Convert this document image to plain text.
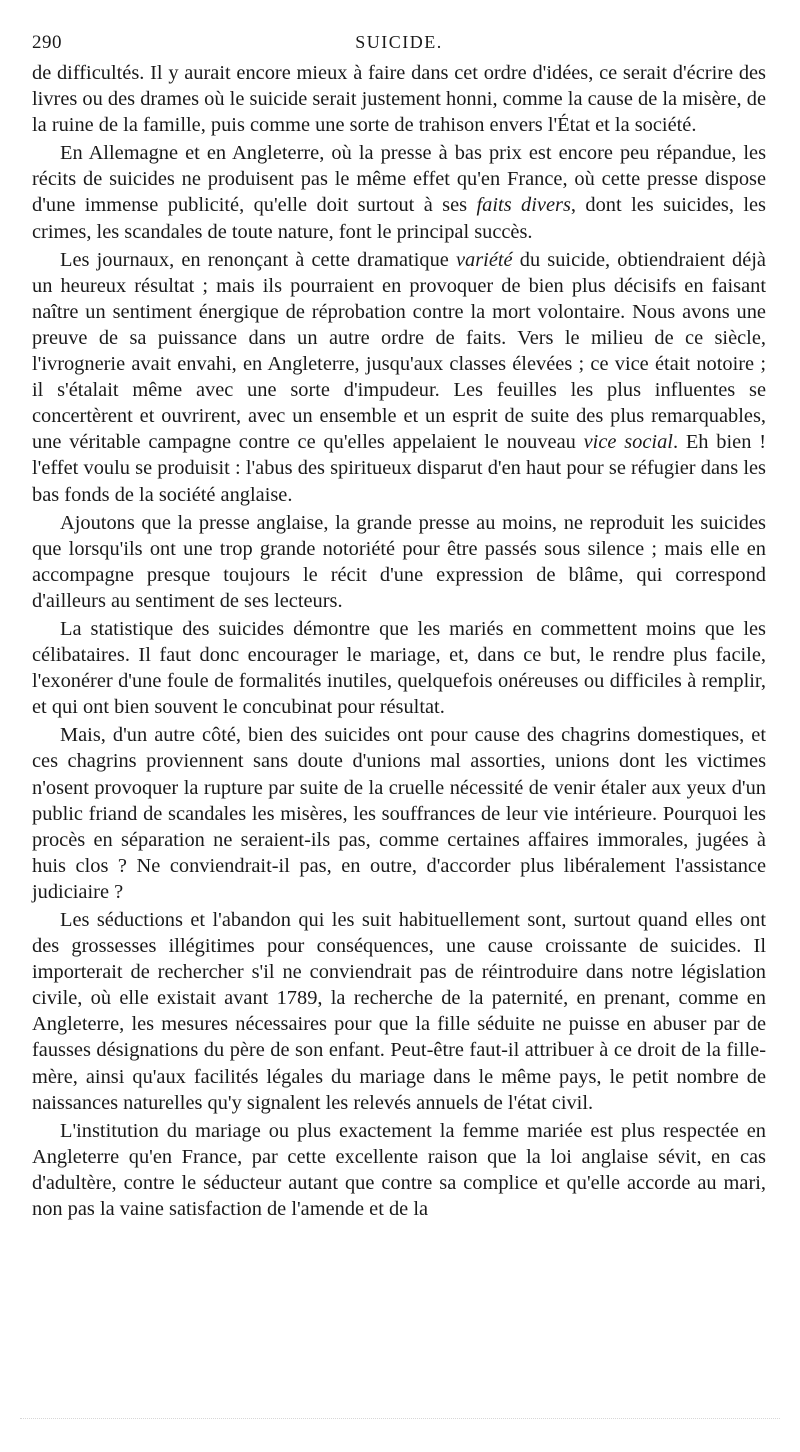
290	SUICIDE.

de difficultés. Il y aurait encore mieux à faire dans cet ordre d'idées, ce serait d'écrire des livres ou des drames où le suicide serait justement honni, comme la cause de la misère, de la ruine de la famille, puis comme une sorte de trahison envers l'État et la société.

En Allemagne et en Angleterre, où la presse à bas prix est encore peu répandue, les récits de suicides ne produisent pas le même effet qu'en France, où cette presse dispose d'une immense publicité, qu'elle doit surtout à ses faits divers, dont les suicides, les crimes, les scandales de toute nature, font le principal succès.

Les journaux, en renonçant à cette dramatique variété du suicide, obtiendraient déjà un heureux résultat ; mais ils pourraient en provoquer de bien plus décisifs en faisant naître un sentiment énergique de réprobation contre la mort volontaire. Nous avons une preuve de sa puissance dans un autre ordre de faits. Vers le milieu de ce siècle, l'ivrognerie avait envahi, en Angleterre, jusqu'aux classes élevées ; ce vice était notoire ; il s'étalait même avec une sorte d'impudeur. Les feuilles les plus influentes se concertèrent et ouvrirent, avec un ensemble et un esprit de suite des plus remarquables, une véritable campagne contre ce qu'elles appelaient le nouveau vice social. Eh bien ! l'effet voulu se produisit : l'abus des spiritueux disparut d'en haut pour se réfugier dans les bas fonds de la société anglaise.

Ajoutons que la presse anglaise, la grande presse au moins, ne reproduit les suicides que lorsqu'ils ont une trop grande notoriété pour être passés sous silence ; mais elle en accompagne presque toujours le récit d'une expression de blâme, qui correspond d'ailleurs au sentiment de ses lecteurs.

La statistique des suicides démontre que les mariés en commettent moins que les célibataires. Il faut donc encourager le mariage, et, dans ce but, le rendre plus facile, l'exonérer d'une foule de formalités inutiles, quelquefois onéreuses ou difficiles à remplir, et qui ont bien souvent le concubinat pour résultat.

Mais, d'un autre côté, bien des suicides ont pour cause des chagrins domestiques, et ces chagrins proviennent sans doute d'unions mal assorties, unions dont les victimes n'osent provoquer la rupture par suite de la cruelle nécessité de venir étaler aux yeux d'un public friand de scandales les misères, les souffrances de leur vie intérieure. Pourquoi les procès en séparation ne seraient-ils pas, comme certaines affaires immorales, jugées à huis clos ? Ne conviendrait-il pas, en outre, d'accorder plus libéralement l'assistance judiciaire ?

Les séductions et l'abandon qui les suit habituellement sont, surtout quand elles ont des grossesses illégitimes pour conséquences, une cause croissante de suicides. Il importerait de rechercher s'il ne conviendrait pas de réintroduire dans notre législation civile, où elle existait avant 1789, la recherche de la paternité, en prenant, comme en Angleterre, les mesures nécessaires pour que la fille séduite ne puisse en abuser par de fausses désignations du père de son enfant. Peut-être faut-il attribuer à ce droit de la fille-mère, ainsi qu'aux facilités légales du mariage dans le même pays, le petit nombre de naissances naturelles qu'y signalent les relevés annuels de l'état civil.

L'institution du mariage ou plus exactement la femme mariée est plus respectée en Angleterre qu'en France, par cette excellente raison que la loi anglaise sévit, en cas d'adultère, contre le séducteur autant que contre sa complice et qu'elle accorde au mari, non pas la vaine satisfaction de l'amende et de la
